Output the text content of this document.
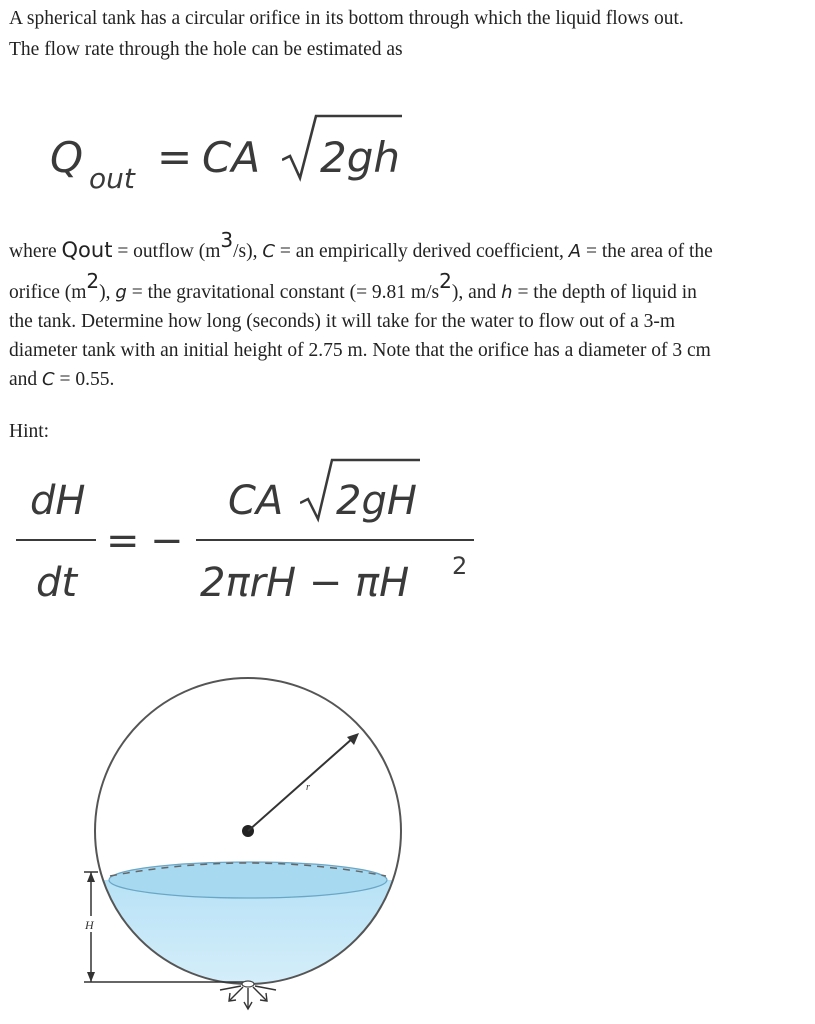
A spherical tank has a circular orifice in its bottom through which the liquid flows out.
The flow rate through the hole can be estimated as

Q out = CA 2gh

where Qout = outflow (m3/s), C = an empirically derived coefficient, A = the area of the

orifice (m2), g = the gravitational constant (= 9.81 m/s2), and h = the depth of liquid in
the tank. Determine how long (seconds) it will take for the water to flow out of a 3-m
diameter tank with an initial height of 2.75 m. Note that the orifice has a diameter of 3 cm
and C = 0.55.

Hint:

dH
dt
= −
CA 2gH
2πrH − πH 2
r
H
